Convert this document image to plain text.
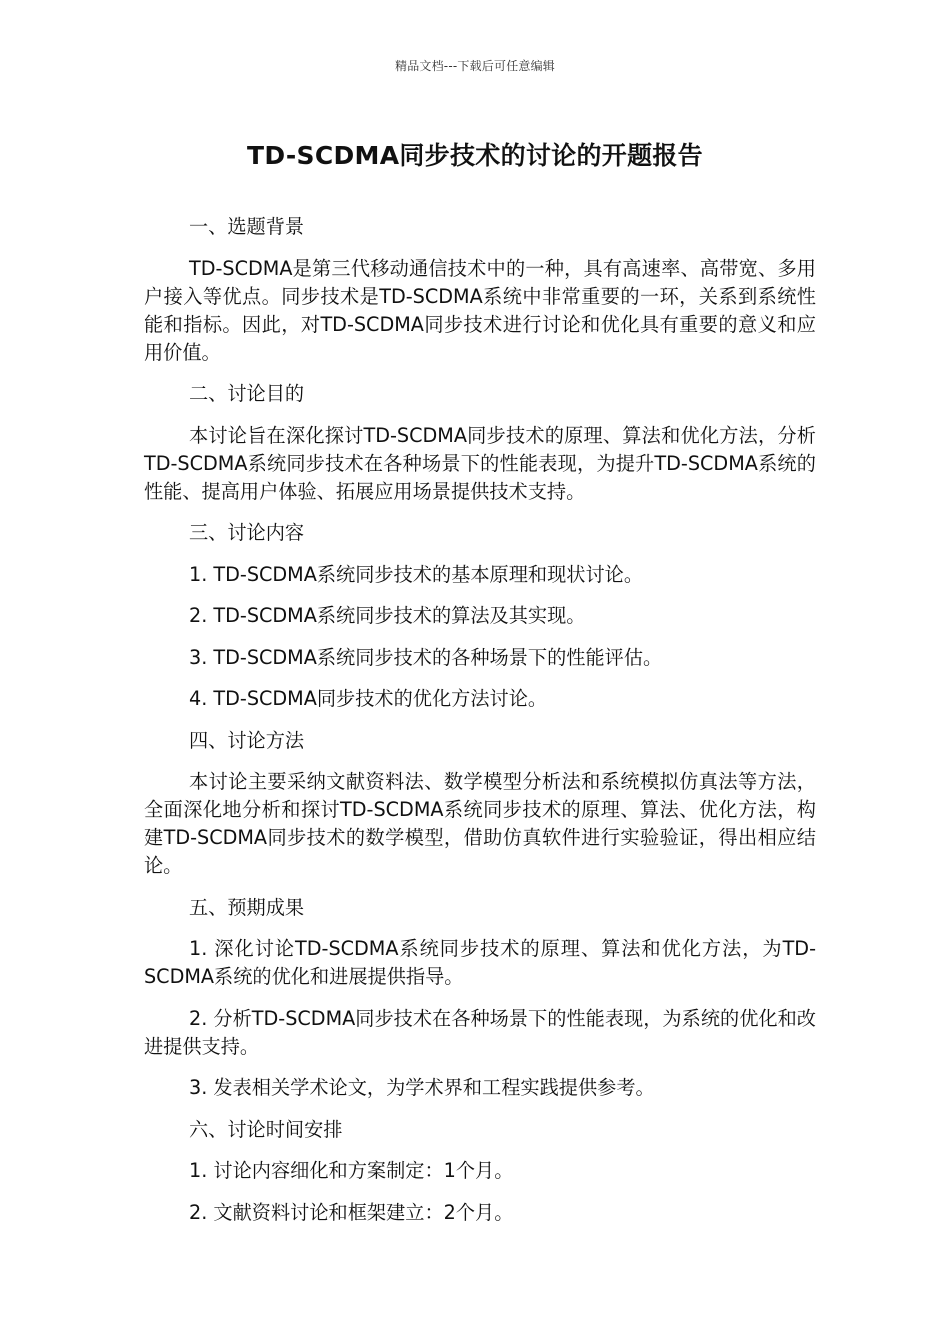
精品文档---下载后可任意编辑
TD-SCDMA同步技术的讨论的开题报告

一、选题背景

TD-SCDMA是第三代移动通信技术中的一种，具有高速率、高带宽、多用户接入等优点。同步技术是TD-SCDMA系统中非常重要的一环，关系到系统性能和指标。因此，对TD-SCDMA同步技术进行讨论和优化具有重要的意义和应用价值。

二、讨论目的

本讨论旨在深化探讨TD-SCDMA同步技术的原理、算法和优化方法，分析TD-SCDMA系统同步技术在各种场景下的性能表现，为提升TD-SCDMA系统的性能、提高用户体验、拓展应用场景提供技术支持。

三、讨论内容

1. TD-SCDMA系统同步技术的基本原理和现状讨论。

2. TD-SCDMA系统同步技术的算法及其实现。

3. TD-SCDMA系统同步技术的各种场景下的性能评估。

4. TD-SCDMA同步技术的优化方法讨论。

四、讨论方法

本讨论主要采纳文献资料法、数学模型分析法和系统模拟仿真法等方法，全面深化地分析和探讨TD-SCDMA系统同步技术的原理、算法、优化方法，构建TD-SCDMA同步技术的数学模型，借助仿真软件进行实验验证，得出相应结论。

五、预期成果

1. 深化讨论TD-SCDMA系统同步技术的原理、算法和优化方法，为TD-SCDMA系统的优化和进展提供指导。

2. 分析TD-SCDMA同步技术在各种场景下的性能表现，为系统的优化和改进提供支持。

3. 发表相关学术论文，为学术界和工程实践提供参考。

六、讨论时间安排

1. 讨论内容细化和方案制定：1个月。

2. 文献资料讨论和框架建立：2个月。
